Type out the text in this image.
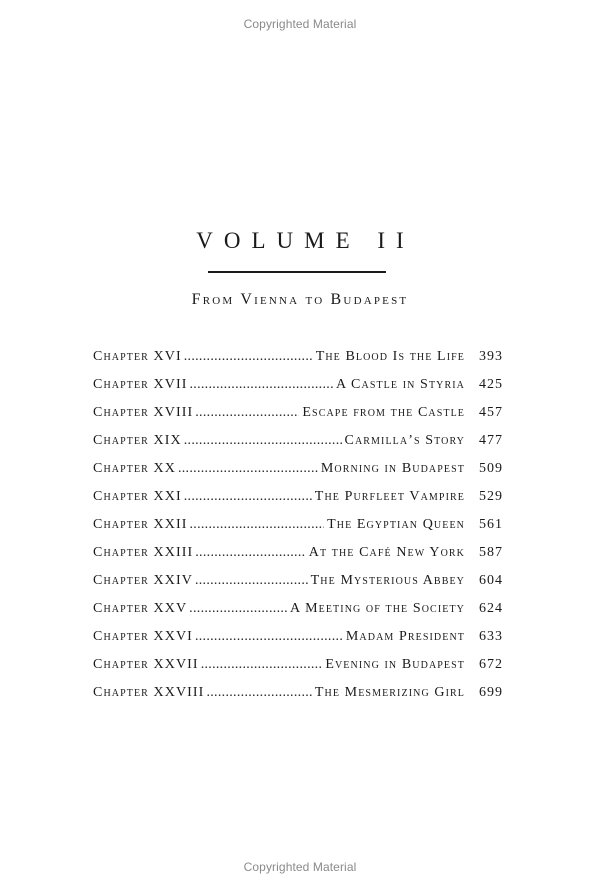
Copyrighted Material
VOLUME II
From Vienna to Budapest
Chapter XVI .....	The Blood Is the Life	393
Chapter XVII .....	A Castle in Styria	425
Chapter XVIII .....	Escape from the Castle	457
Chapter XIX .....	Carmilla’s Story	477
Chapter XX .....	Morning in Budapest	509
Chapter XXI .....	The Purfleet Vampire	529
Chapter XXII .....	The Egyptian Queen	561
Chapter XXIII .....	At the Café New York	587
Chapter XXIV .....	The Mysterious Abbey	604
Chapter XXV .....	A Meeting of the Society	624
Chapter XXVI .....	Madam President	633
Chapter XXVII .....	Evening in Budapest	672
Chapter XXVIII .....	The Mesmerizing Girl	699
Copyrighted Material
